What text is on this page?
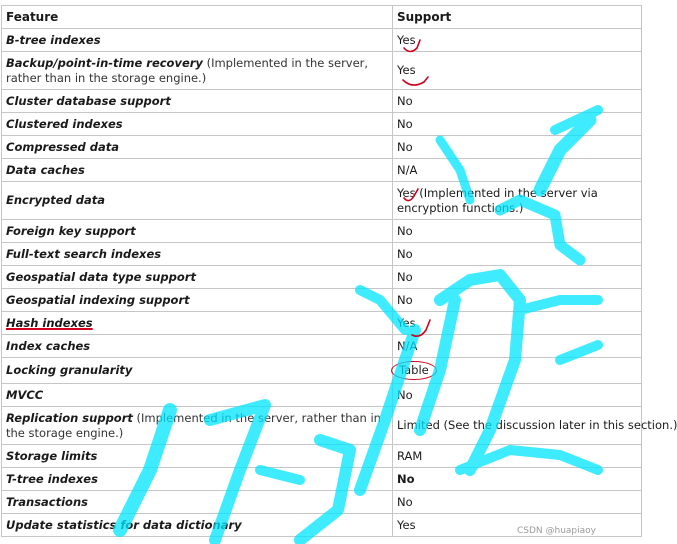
Feature	Support
B-tree indexes	Yes
Backup/point-in-time recovery (Implemented in the server, rather than in the storage engine.)	Yes
Cluster database support	No
Clustered indexes	No
Compressed data	No
Data caches	N/A
Encrypted data	Yes (Implemented in the server via encryption functions.)
Foreign key support	No
Full-text search indexes	No
Geospatial data type support	No
Geospatial indexing support	No
Hash indexes	Yes
Index caches	N/A
Locking granularity	Table
MVCC	No
Replication support (Implemented in the server, rather than in the storage engine.)	Limited (See the discussion later in this section.)
Storage limits	RAM
T-tree indexes	No
Transactions	No
Update statistics for data dictionary	Yes	CSDN @huapiaoy
